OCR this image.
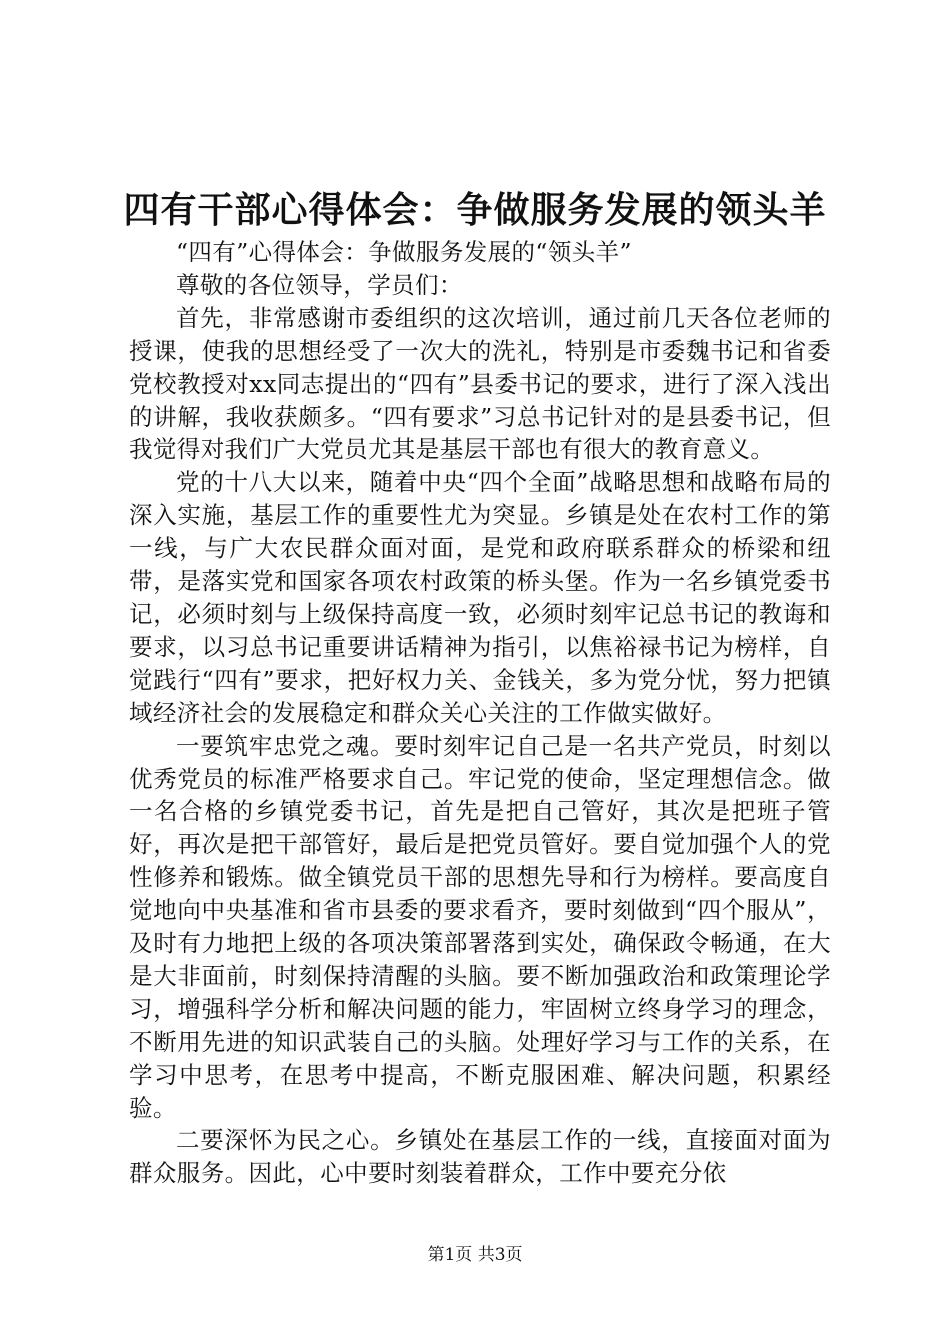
四有干部心得体会：争做服务发展的领头羊

“四有”心得体会：争做服务发展的“领头羊”

尊敬的各位领导，学员们：

首先，非常感谢市委组织的这次培训，通过前几天各位老师的授课，使我的思想经受了一次大的洗礼，特别是市委魏书记和省委党校教授对xx同志提出的“四有”县委书记的要求，进行了深入浅出的讲解，我收获颇多。“四有要求”习总书记针对的是县委书记，但我觉得对我们广大党员尤其是基层干部也有很大的教育意义。

党的十八大以来，随着中央“四个全面”战略思想和战略布局的深入实施，基层工作的重要性尤为突显。乡镇是处在农村工作的第一线，与广大农民群众面对面，是党和政府联系群众的桥梁和纽带，是落实党和国家各项农村政策的桥头堡。作为一名乡镇党委书记，必须时刻与上级保持高度一致，必须时刻牢记总书记的教诲和要求，以习总书记重要讲话精神为指引，以焦裕禄书记为榜样，自觉践行“四有”要求，把好权力关、金钱关，多为党分忧，努力把镇域经济社会的发展稳定和群众关心关注的工作做实做好。

一要筑牢忠党之魂。要时刻牢记自己是一名共产党员，时刻以优秀党员的标准严格要求自己。牢记党的使命，坚定理想信念。做一名合格的乡镇党委书记，首先是把自己管好，其次是把班子管好，再次是把干部管好，最后是把党员管好。要自觉加强个人的党性修养和锻炼。做全镇党员干部的思想先导和行为榜样。要高度自觉地向中央基准和省市县委的要求看齐，要时刻做到“四个服从”，及时有力地把上级的各项决策部署落到实处，确保政令畅通，在大是大非面前，时刻保持清醒的头脑。要不断加强政治和政策理论学习，增强科学分析和解决问题的能力，牢固树立终身学习的理念，不断用先进的知识武装自己的头脑。处理好学习与工作的关系，在学习中思考，在思考中提高，不断克服困难、解决问题，积累经验。

二要深怀为民之心。乡镇处在基层工作的一线，直接面对面为群众服务。因此，心中要时刻装着群众，工作中要充分依

第1页 共3页
